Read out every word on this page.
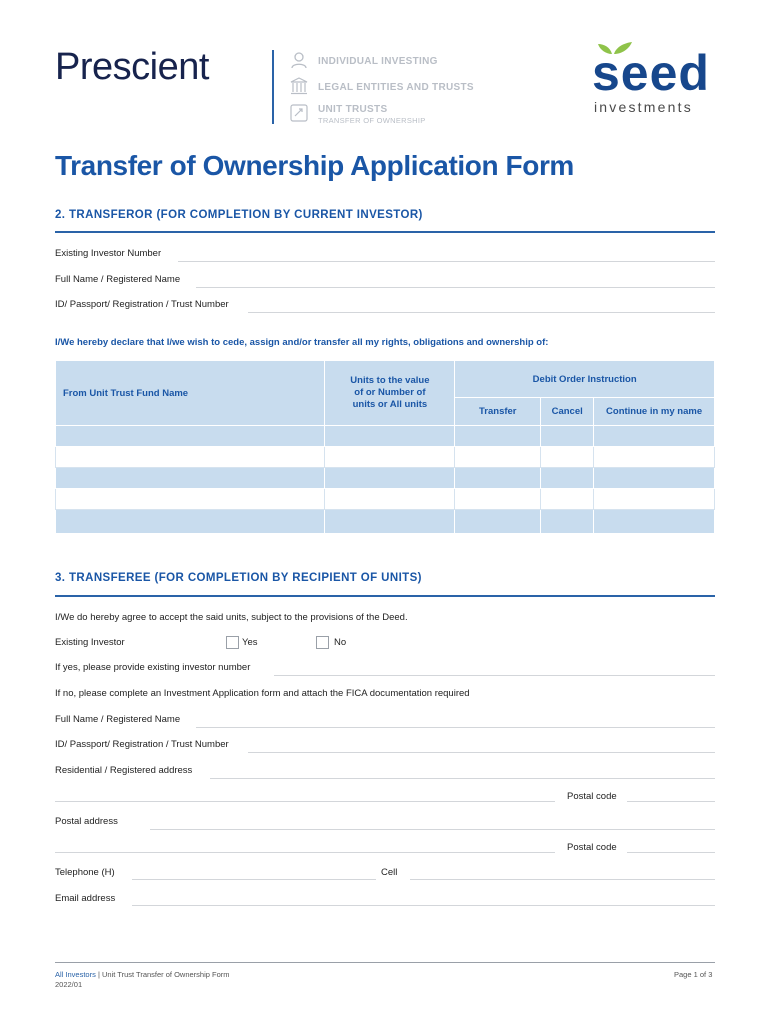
Prescient	INDIVIDUAL INVESTING
LEGAL ENTITIES AND TRUSTS
UNIT TRUSTS
TRANSFER OF OWNERSHIP
seed
investments
Transfer of Ownership Application Form
2. TRANSFEROR (FOR COMPLETION BY CURRENT INVESTOR)
Existing Investor Number
Full Name / Registered Name
ID/ Passport/ Registration / Trust Number
I/We hereby declare that I/we wish to cede, assign and/or transfer all my rights, obligations and ownership of:
From Unit Trust Fund Name	Units to the value of or Number of units or All units	Debit Order Instruction		
		Transfer	Cancel	Continue in my name

3. TRANSFEREE (FOR COMPLETION BY RECIPIENT OF UNITS)
I/We do hereby agree to accept the said units, subject to the provisions of the Deed.
Existing Investor	Yes	No
If yes, please provide existing investor number
If no, please complete an Investment Application form and attach the FICA documentation required
Full Name / Registered Name
ID/ Passport/ Registration / Trust Number
Residential / Registered address
Postal code
Postal address
Postal code
Telephone (H)	Cell
Email address
All Investors | Unit Trust Transfer of Ownership Form
2022/01
Page 1 of 3
